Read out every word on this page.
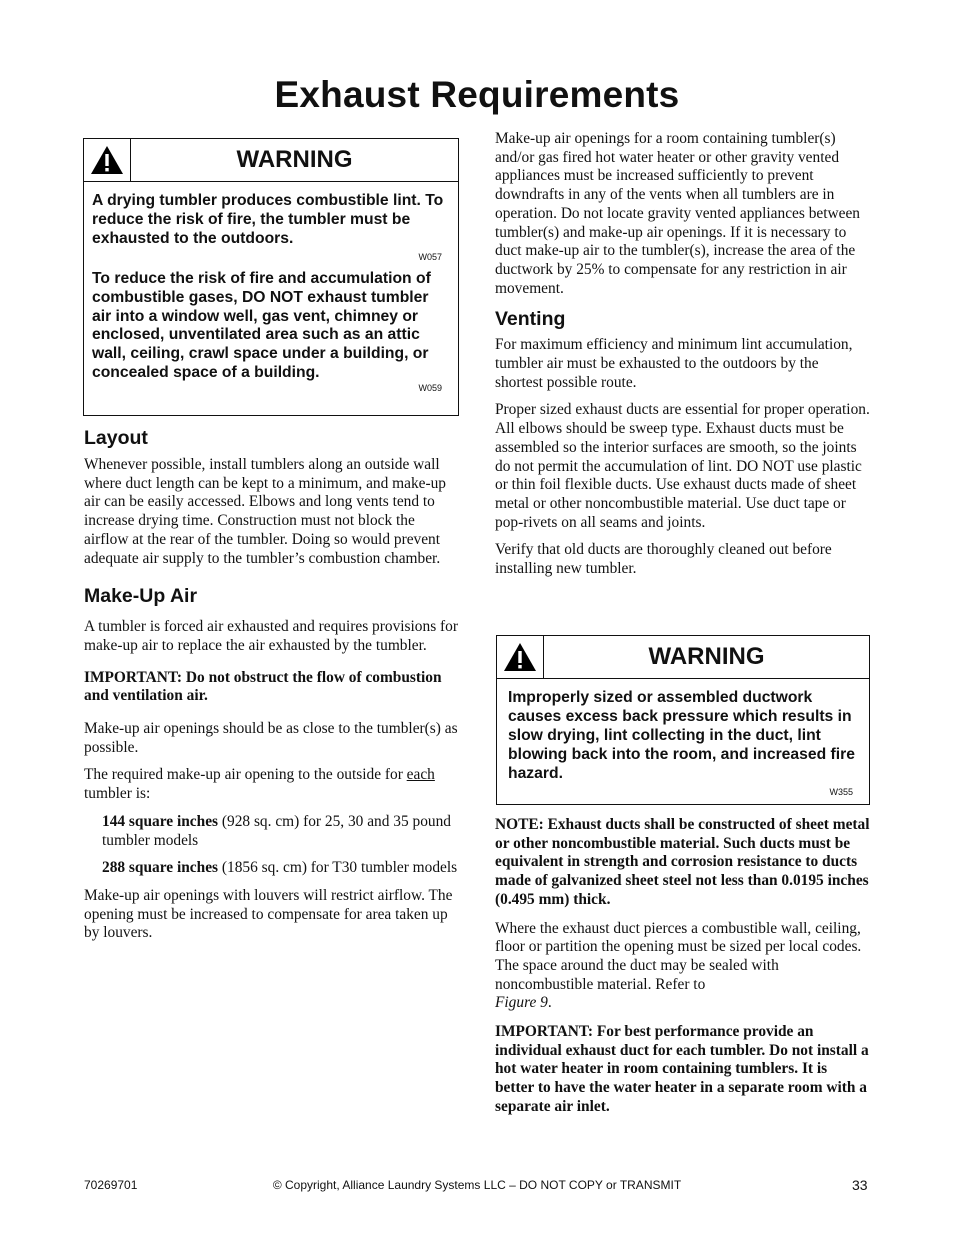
Exhaust Requirements
WARNING

A drying tumbler produces combustible lint. To reduce the risk of fire, the tumbler must be exhausted to the outdoors.

W057

To reduce the risk of fire and accumulation of combustible gases, DO NOT exhaust tumbler air into a window well, gas vent, chimney or enclosed, unventilated area such as an attic wall, ceiling, crawl space under a building, or concealed space of a building.

W059
Layout

Whenever possible, install tumblers along an outside wall where duct length can be kept to a minimum, and make-up air can be easily accessed. Elbows and long vents tend to increase drying time. Construction must not block the airflow at the rear of the tumbler. Doing so would prevent adequate air supply to the tumbler’s combustion chamber.

Make-Up Air

A tumbler is forced air exhausted and requires provisions for make-up air to replace the air exhausted by the tumbler.

IMPORTANT: Do not obstruct the flow of combustion and ventilation air.

Make-up air openings should be as close to the tumbler(s) as possible.

The required make-up air opening to the outside for each tumbler is:

144 square inches (928 sq. cm) for 25, 30 and 35 pound tumbler models

288 square inches (1856 sq. cm) for T30 tumbler models

Make-up air openings with louvers will restrict airflow. The opening must be increased to compensate for area taken up by louvers.

Make-up air openings for a room containing tumbler(s) and/or gas fired hot water heater or other gravity vented appliances must be increased sufficiently to prevent downdrafts in any of the vents when all tumblers are in operation. Do not locate gravity vented appliances between tumbler(s) and make-up air openings. If it is necessary to duct make-up air to the tumbler(s), increase the area of the ductwork by 25% to compensate for any restriction in air movement.

Venting

For maximum efficiency and minimum lint accumulation, tumbler air must be exhausted to the outdoors by the shortest possible route.

Proper sized exhaust ducts are essential for proper operation. All elbows should be sweep type. Exhaust ducts must be assembled so the interior surfaces are smooth, so the joints do not permit the accumulation of lint. DO NOT use plastic or thin foil flexible ducts. Use exhaust ducts made of sheet metal or other noncombustible material. Use duct tape or pop-rivets on all seams and joints.

Verify that old ducts are thoroughly cleaned out before installing new tumbler.

WARNING

Improperly sized or assembled ductwork causes excess back pressure which results in slow drying, lint collecting in the duct, lint blowing back into the room, and increased fire hazard.

W355

NOTE: Exhaust ducts shall be constructed of sheet metal or other noncombustible material. Such ducts must be equivalent in strength and corrosion resistance to ducts made of galvanized sheet steel not less than 0.0195 inches (0.495 mm) thick.

Where the exhaust duct pierces a combustible wall, ceiling, floor or partition the opening must be sized per local codes. The space around the duct may be sealed with noncombustible material. Refer to
Figure 9.

IMPORTANT: For best performance provide an individual exhaust duct for each tumbler. Do not install a hot water heater in room containing tumblers. It is better to have the water heater in a separate room with a separate air inlet.

70269701	© Copyright, Alliance Laundry Systems LLC – DO NOT COPY or TRANSMIT	33
